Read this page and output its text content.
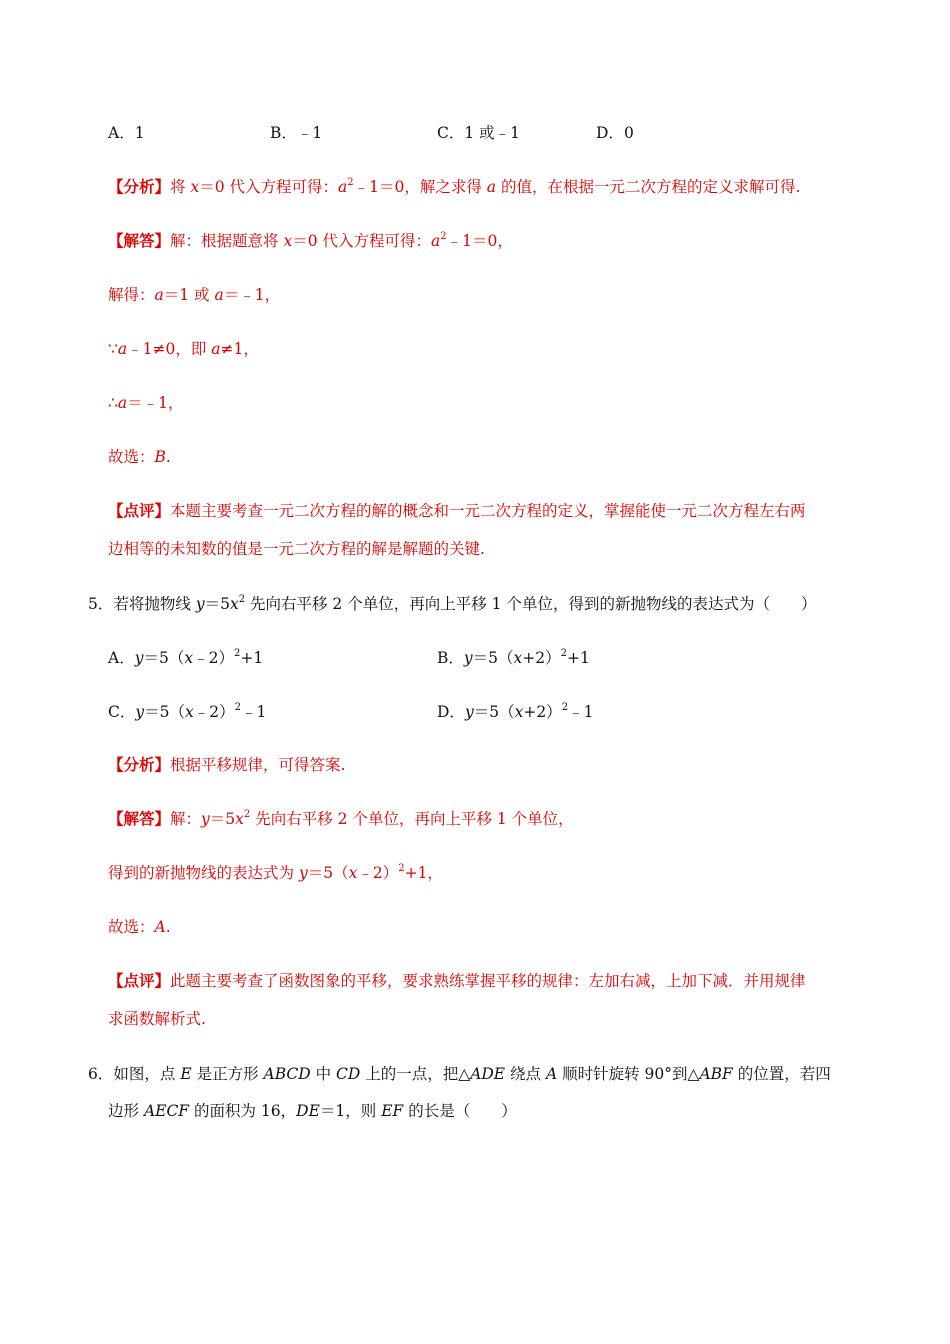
A．1	B．﹣1	C．1 或﹣1	D．0
【分析】将 x＝0 代入方程可得：$a^2﹣1=0$，解之求得 a 的值，在根据一元二次方程的定义求解可得.
【解答】解：根据题意将 x＝0 代入方程可得：$a^2﹣1=0$，
解得：a＝1 或 a＝﹣1，
∵a﹣1≠0，即 a≠1，
∴a＝﹣1，
故选：B.
【点评】本题主要考查一元二次方程的解的概念和一元二次方程的定义，掌握能使一元二次方程左右两
边相等的未知数的值是一元二次方程的解是解题的关键.
5．若将抛物线 $y=5x^2$ 先向右平移 2 个单位，再向上平移 1 个单位，得到的新抛物线的表达式为（　　）
A．y＝5（x﹣2）$^2$+1	B．$y=5(x+2)^2+1$
C．y＝5（x﹣2）$^2$﹣1	D．$y=5(x+2)^2﹣1$
【分析】根据平移规律，可得答案.
【解答】解：$y=5x^2$ 先向右平移 2 个单位，再向上平移 1 个单位，
得到的新抛物线的表达式为 y＝5（x﹣2）$^2$+1，
故选：A.
【点评】此题主要考查了函数图象的平移，要求熟练掌握平移的规律：左加右减，上加下减．并用规律
求函数解析式.
6．如图，点 E 是正方形 ABCD 中 CD 上的一点，把△ADE 绕点 A 顺时针旋转 90°到△ABF 的位置，若四
边形 AECF 的面积为 16，DE＝1，则 EF 的长是（　　）
